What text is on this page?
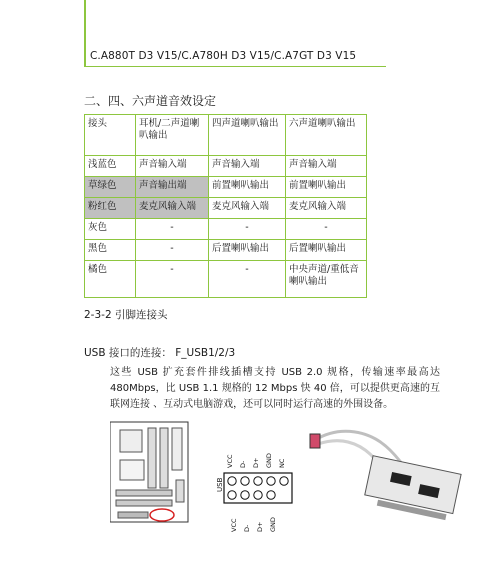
C.A880T D3 V15/C.A780H D3 V15/C.A7GT D3 V15
二、四、六声道音效设定
接头	耳机/二声道喇叭输出	四声道喇叭输出	六声道喇叭输出
浅蓝色	声音输入端	声音输入端	声音输入端
草绿色	声音输出端	前置喇叭输出	前置喇叭输出
粉红色	麦克风输入端	麦克风输入端	麦克风输入端
灰色	-	-	-
黑色	-	后置喇叭输出	后置喇叭输出
橘色	-	-	中央声道/重低音喇叭输出
2-3-2 引脚连接头
USB 接口的连接： F_USB1/2/3
这些 USB 扩充套件排线插槽支持 USB 2.0 规格，传输速率最高达 480Mbps，比 USB 1.1 规格的 12 Mbps 快 40 倍，可以提供更高速的互联网连接 、互动式电脑游戏，还可以同时运行高速的外围设备。
USB
VCC D- D+ GND NC
VCC D- D+ GND
